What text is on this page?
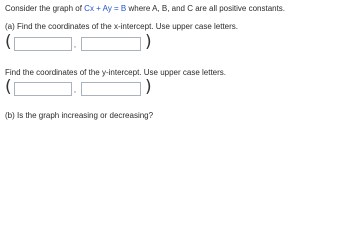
Consider the graph of Cx + Ay = B where A, B, and C are all positive constants.
(a) Find the coordinates of the x-intercept. Use upper case letters.
(	,	)
Find the coordinates of the y-intercept. Use upper case letters.
(	,	)
(b) Is the graph increasing or decreasing?
